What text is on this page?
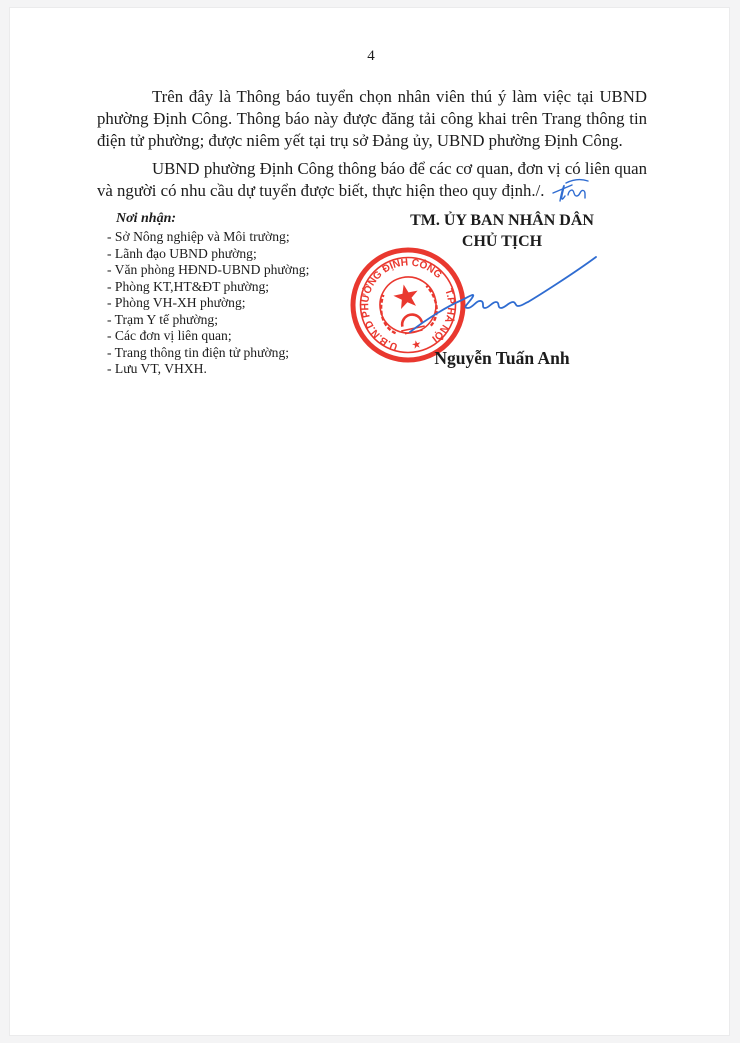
4

Trên đây là Thông báo tuyển chọn nhân viên thú ý làm việc tại UBND phường Định Công. Thông báo này được đăng tải công khai trên Trang thông tin điện tử phường; được niêm yết tại trụ sở Đảng ủy, UBND phường Định Công.

UBND phường Định Công thông báo để các cơ quan, đơn vị có liên quan và người có nhu cầu dự tuyển được biết, thực hiện theo quy định./.

Nơi nhận:
- Sở Nông nghiệp và Môi trường;
- Lãnh đạo UBND phường;
- Văn phòng HĐND-UBND phường;
- Phòng KT,HT&ĐT phường;
- Phòng VH-XH phường;
- Trạm Y tế phường;
- Các đơn vị liên quan;
- Trang thông tin điện tử phường;
- Lưu VT, VHXH.
TM. ỦY BAN NHÂN DÂN
CHỦ TỊCH
U.B.N.D PHƯỜNG ĐỊNH CÔNG
T.P HÀ NỘI
★
Nguyễn Tuấn Anh
